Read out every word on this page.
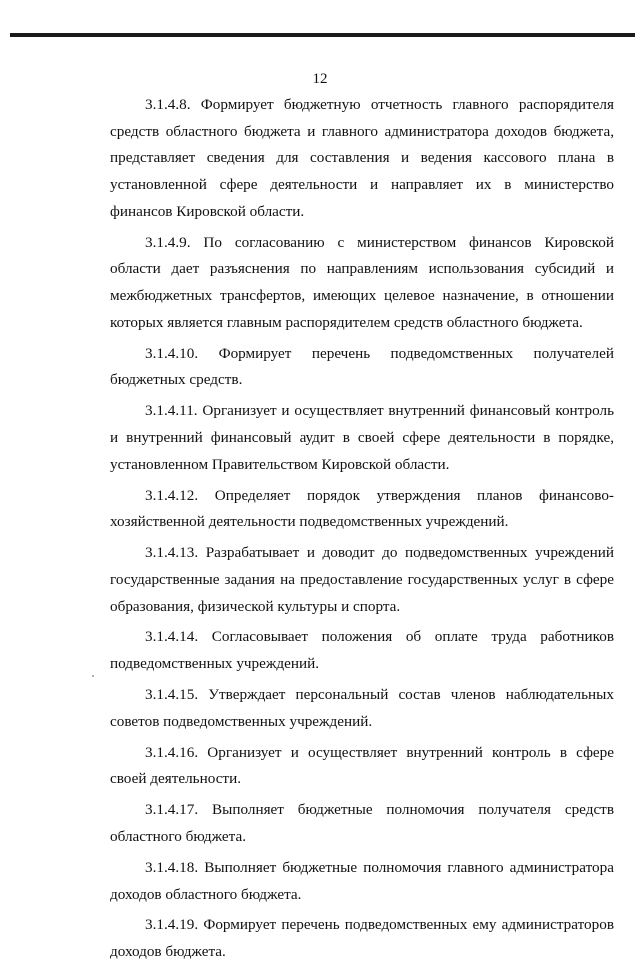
12

3.1.4.8. Формирует бюджетную отчетность главного распорядителя средств областного бюджета и главного администратора доходов бюджета, представляет сведения для составления и ведения кассового плана в установленной сфере деятельности и направляет их в министерство финансов Кировской области.

3.1.4.9. По согласованию с министерством финансов Кировской области дает разъяснения по направлениям использования субсидий и межбюджетных трансфертов, имеющих целевое назначение, в отношении которых является главным распорядителем средств областного бюджета.

3.1.4.10. Формирует перечень подведомственных получателей бюджетных средств.

3.1.4.11. Организует и осуществляет внутренний финансовый контроль и внутренний финансовый аудит в своей сфере деятельности в порядке, установленном Правительством Кировской области.

3.1.4.12. Определяет порядок утверждения планов финансово-хозяйственной деятельности подведомственных учреждений.

3.1.4.13. Разрабатывает и доводит до подведомственных учреждений государственные задания на предоставление государственных услуг в сфере образования, физической культуры и спорта.

3.1.4.14. Согласовывает положения об оплате труда работников подведомственных учреждений.

3.1.4.15. Утверждает персональный состав членов наблюдательных советов подведомственных учреждений.

3.1.4.16. Организует и осуществляет внутренний контроль в сфере своей деятельности.

3.1.4.17. Выполняет бюджетные полномочия получателя средств областного бюджета.

3.1.4.18. Выполняет бюджетные полномочия главного администратора доходов областного бюджета.

3.1.4.19. Формирует перечень подведомственных ему администраторов доходов бюджета.
